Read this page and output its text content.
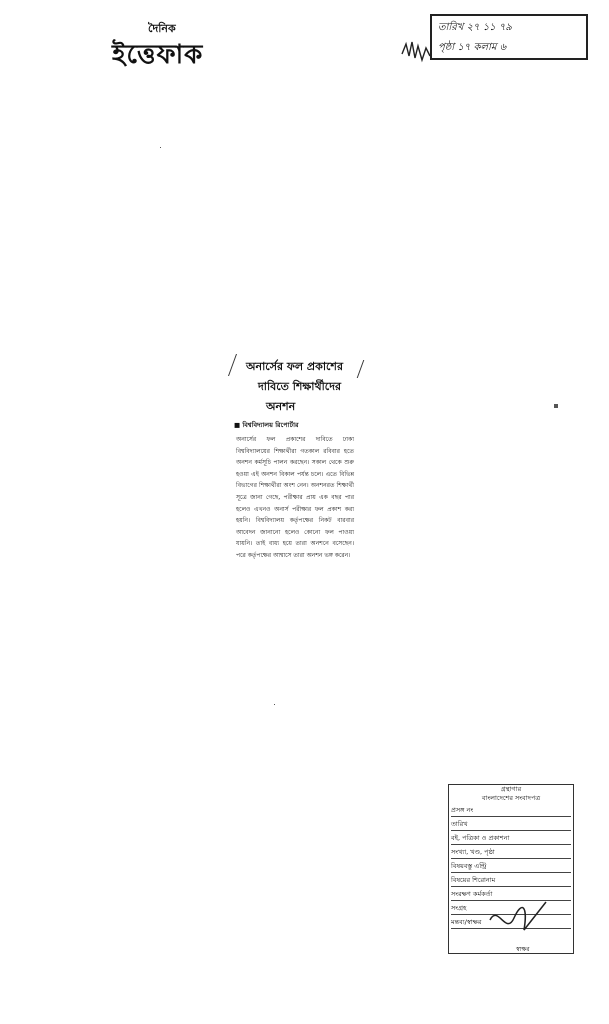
দৈনিক
ইত্তেফাক
তারিখ ২৭ ১১ ৭৯
পৃষ্ঠা ১৭ কলাম ৬
অনার্সের ফল প্রকাশের
দাবিতে শিক্ষার্থীদের
অনশন
■ বিশ্ববিদ্যালয় রিপোর্টার
অনার্সের ফল প্রকাশের দাবিতে ঢাকা বিশ্ববিদ্যালয়ের শিক্ষার্থীরা গতকাল রবিবার হতে অনশন কর্মসূচি পালন করছেন। সকাল থেকে শুরু হওয়া এই অনশন বিকাল পর্যন্ত চলে। এতে বিভিন্ন বিভাগের শিক্ষার্থীরা অংশ নেন। অনশনরত শিক্ষার্থী সূত্রে জানা গেছে, পরীক্ষার প্রায় এক বছর পার হলেও এখনও অনার্স পরীক্ষার ফল প্রকাশ করা হয়নি। বিশ্ববিদ্যালয় কর্তৃপক্ষের নিকট বারবার আবেদন জানানো হলেও কোনো ফল পাওয়া যায়নি। তাই বাধ্য হয়ে তারা অনশনে বসেছেন। পরে কর্তৃপক্ষের আশ্বাসে তারা অনশন ভঙ্গ করেন।
গ্রন্থাগার
বাংলাদেশের সংবাদপত্র
প্রসঙ্গ নং
তারিখ
বই, পত্রিকা ও প্রকাশনা
সংখ্যা, খণ্ড, পৃষ্ঠা
বিষয়বস্তু এন্ট্রি
বিষয়ের শিরোনাম
সংরক্ষণ কর্মকর্তা
সংগ্রহ
মন্তব্য/স্বাক্ষর
স্বাক্ষর
